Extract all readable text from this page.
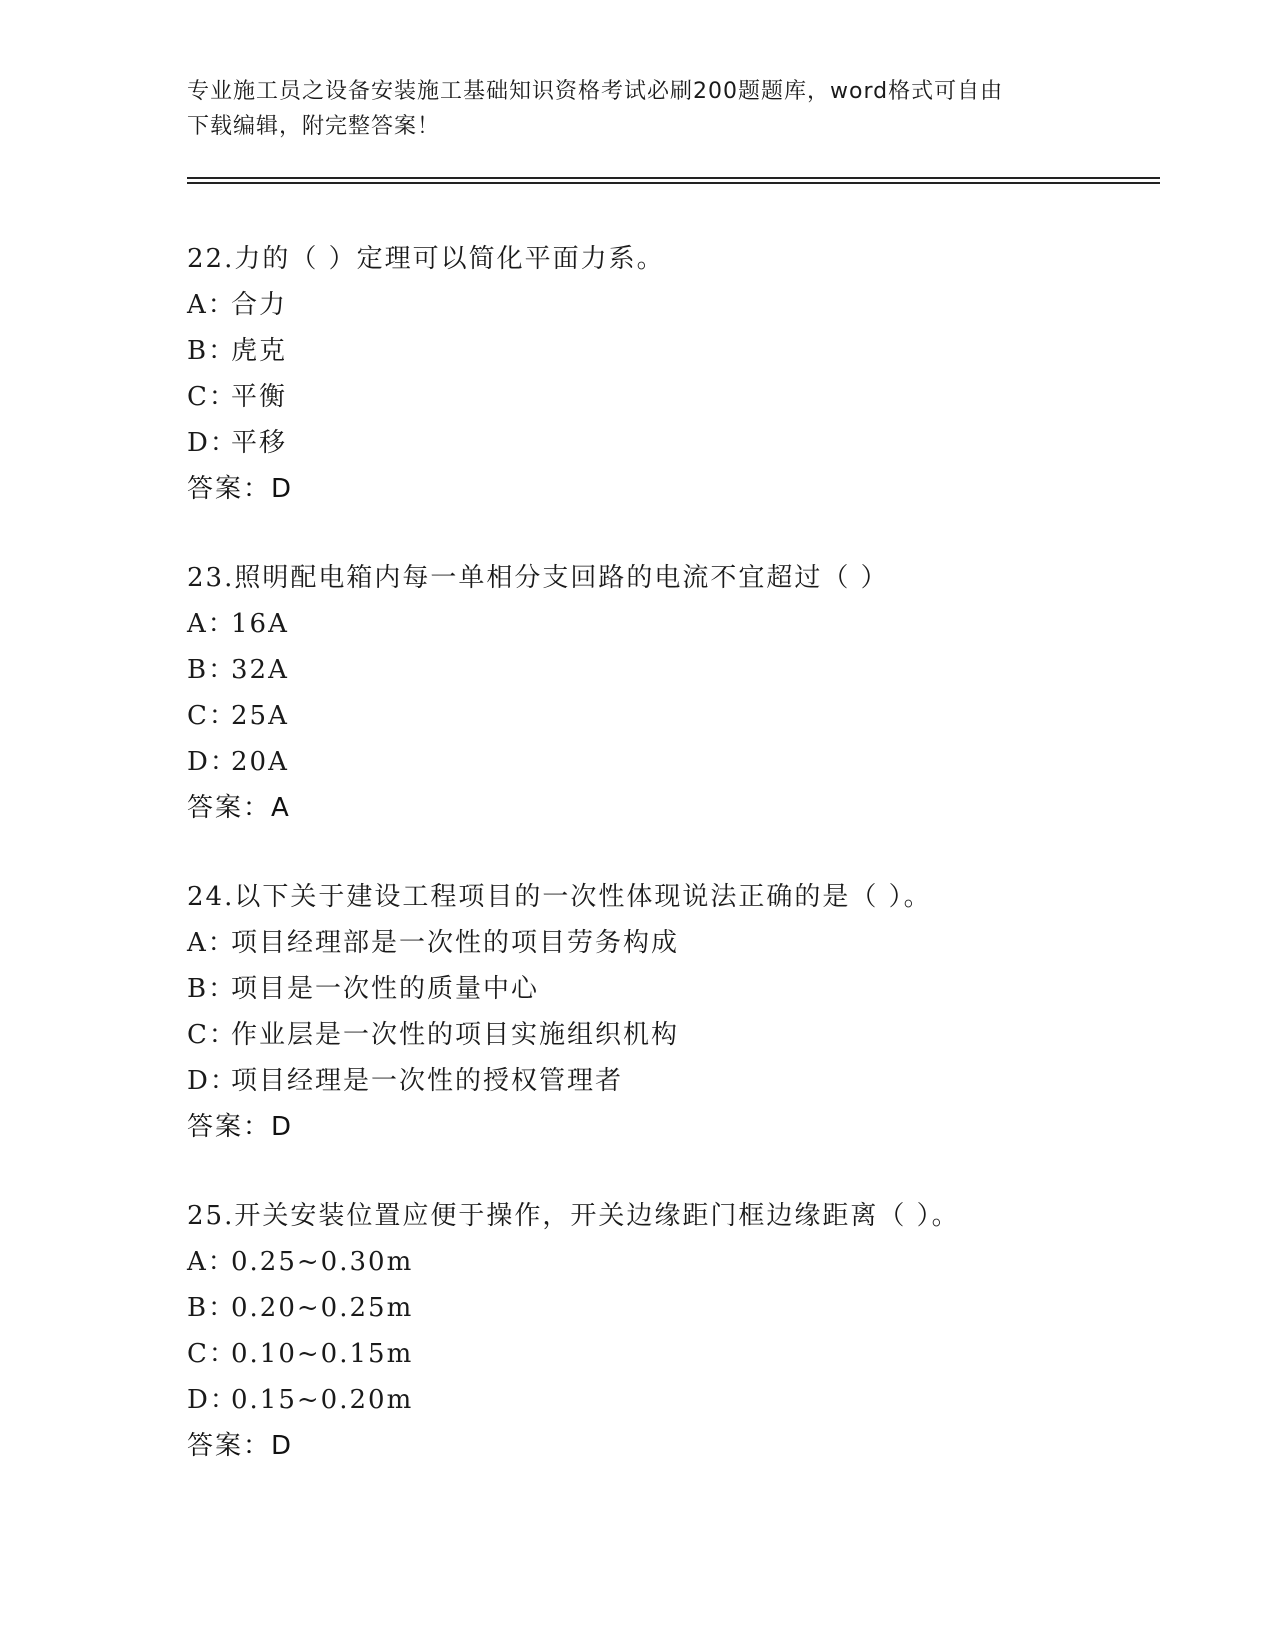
专业施工员之设备安装施工基础知识资格考试必刷200题题库，word格式可自由
下载编辑，附完整答案！
22.力的（ ）定理可以简化平面力系。
A：合力
B：虎克
C：平衡
D：平移
答案：D
23.照明配电箱内每一单相分支回路的电流不宜超过（ ）
A：16A
B：32A
C：25A
D：20A
答案：A
24.以下关于建设工程项目的一次性体现说法正确的是（ ）。
A：项目经理部是一次性的项目劳务构成
B：项目是一次性的质量中心
C：作业层是一次性的项目实施组织机构
D：项目经理是一次性的授权管理者
答案：D
25.开关安装位置应便于操作，开关边缘距门框边缘距离（ ）。
A：0.25~0.30m
B：0.20~0.25m
C：0.10~0.15m
D：0.15~0.20m
答案：D
